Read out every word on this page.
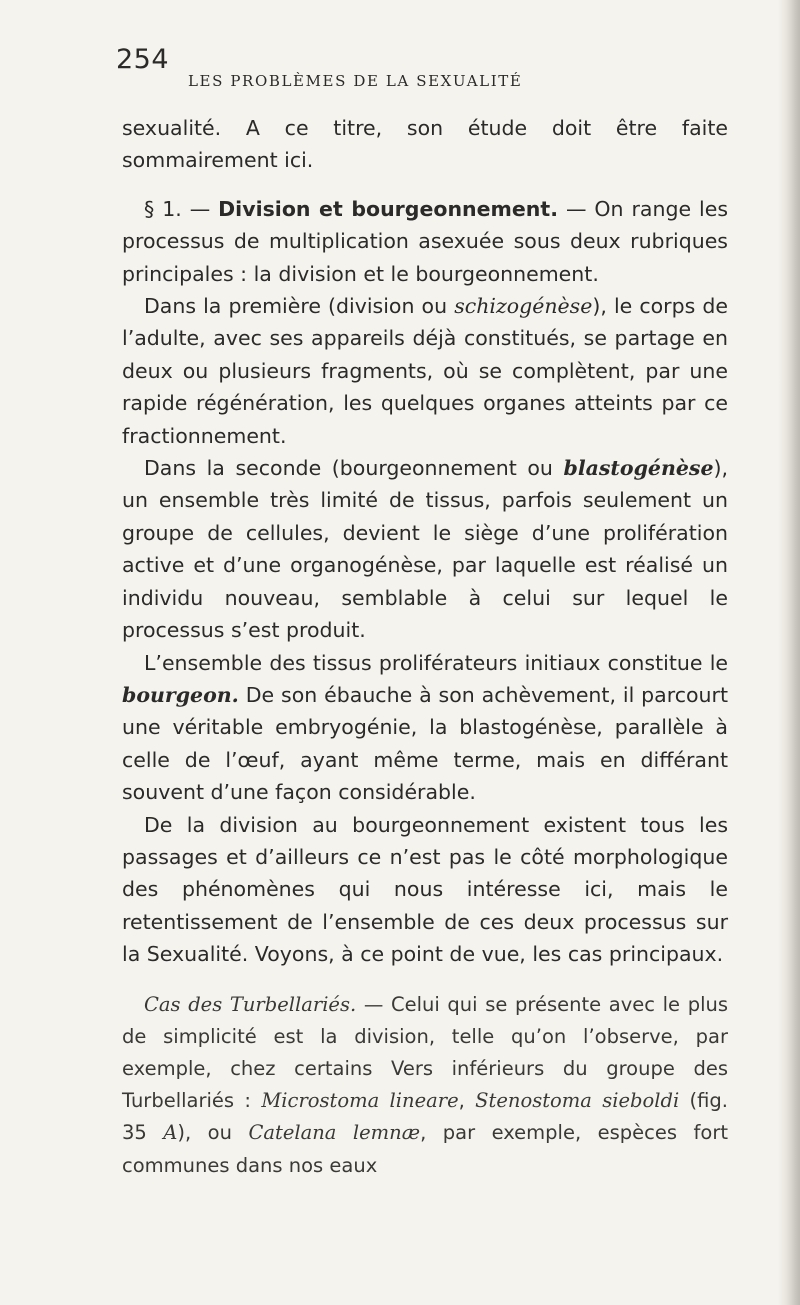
254
LES PROBLÈMES DE LA SEXUALITÉ

sexualité. A ce titre, son étude doit être faite sommairement ici.

§ 1. — Division et bourgeonnement. — On range les processus de multiplication asexuée sous deux rubriques principales : la division et le bourgeonnement.

Dans la première (division ou schizogénèse), le corps de l’adulte, avec ses appareils déjà constitués, se partage en deux ou plusieurs fragments, où se complètent, par une rapide régénération, les quelques organes atteints par ce fractionnement.

Dans la seconde (bourgeonnement ou blastogénèse), un ensemble très limité de tissus, parfois seulement un groupe de cellules, devient le siège d’une prolifération active et d’une organogénèse, par laquelle est réalisé un individu nouveau, semblable à celui sur lequel le processus s’est produit.

L’ensemble des tissus proliférateurs initiaux constitue le bourgeon. De son ébauche à son achèvement, il parcourt une véritable embryogénie, la blastogénèse, parallèle à celle de l’œuf, ayant même terme, mais en différant souvent d’une façon considérable.

De la division au bourgeonnement existent tous les passages et d’ailleurs ce n’est pas le côté morphologique des phénomènes qui nous intéresse ici, mais le retentissement de l’ensemble de ces deux processus sur la Sexualité. Voyons, à ce point de vue, les cas principaux.

Cas des Turbellariés. — Celui qui se présente avec le plus de simplicité est la division, telle qu’on l’observe, par exemple, chez certains Vers inférieurs du groupe des Turbellariés : Microstoma lineare, Stenostoma sieboldi (fig. 35 A), ou Catelana lemnæ, par exemple, espèces fort communes dans nos eaux
